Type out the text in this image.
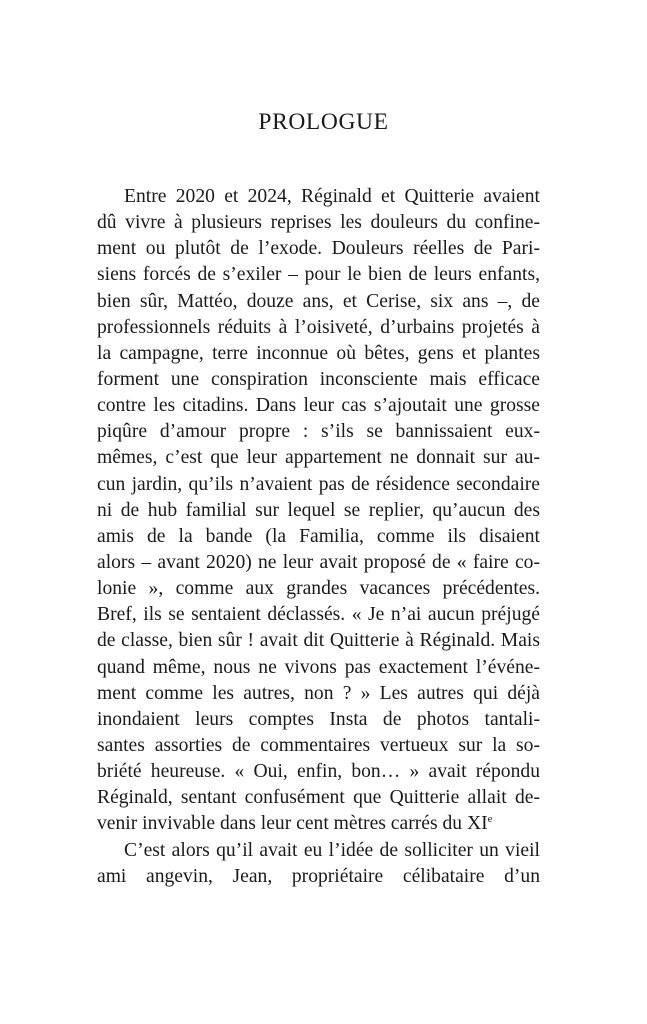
PROLOGUE
Entre 2020 et 2024, Réginald et Quitterie avaient
dû vivre à plusieurs reprises les douleurs du confine-
ment ou plutôt de l’exode. Douleurs réelles de Pari-
siens forcés de s’exiler – pour le bien de leurs enfants,
bien sûr, Mattéo, douze ans, et Cerise, six ans –, de
professionnels réduits à l’oisiveté, d’urbains projetés à
la campagne, terre inconnue où bêtes, gens et plantes
forment une conspiration inconsciente mais efficace
contre les citadins. Dans leur cas s’ajoutait une grosse
piqûre d’amour propre : s’ils se bannissaient eux-
mêmes, c’est que leur appartement ne donnait sur au-
cun jardin, qu’ils n’avaient pas de résidence secondaire
ni de hub familial sur lequel se replier, qu’aucun des
amis de la bande (la Familia, comme ils disaient
alors – avant 2020) ne leur avait proposé de « faire co-
lonie », comme aux grandes vacances précédentes.
Bref, ils se sentaient déclassés. « Je n’ai aucun préjugé
de classe, bien sûr ! avait dit Quitterie à Réginald. Mais
quand même, nous ne vivons pas exactement l’événe-
ment comme les autres, non ? » Les autres qui déjà
inondaient leurs comptes Insta de photos tantali-
santes assorties de commentaires vertueux sur la so-
briété heureuse. « Oui, enfin, bon… » avait répondu
Réginald, sentant confusément que Quitterie allait de-
venir invivable dans leur cent mètres carrés du XIe
C’est alors qu’il avait eu l’idée de solliciter un vieil
ami angevin, Jean, propriétaire célibataire d’un
